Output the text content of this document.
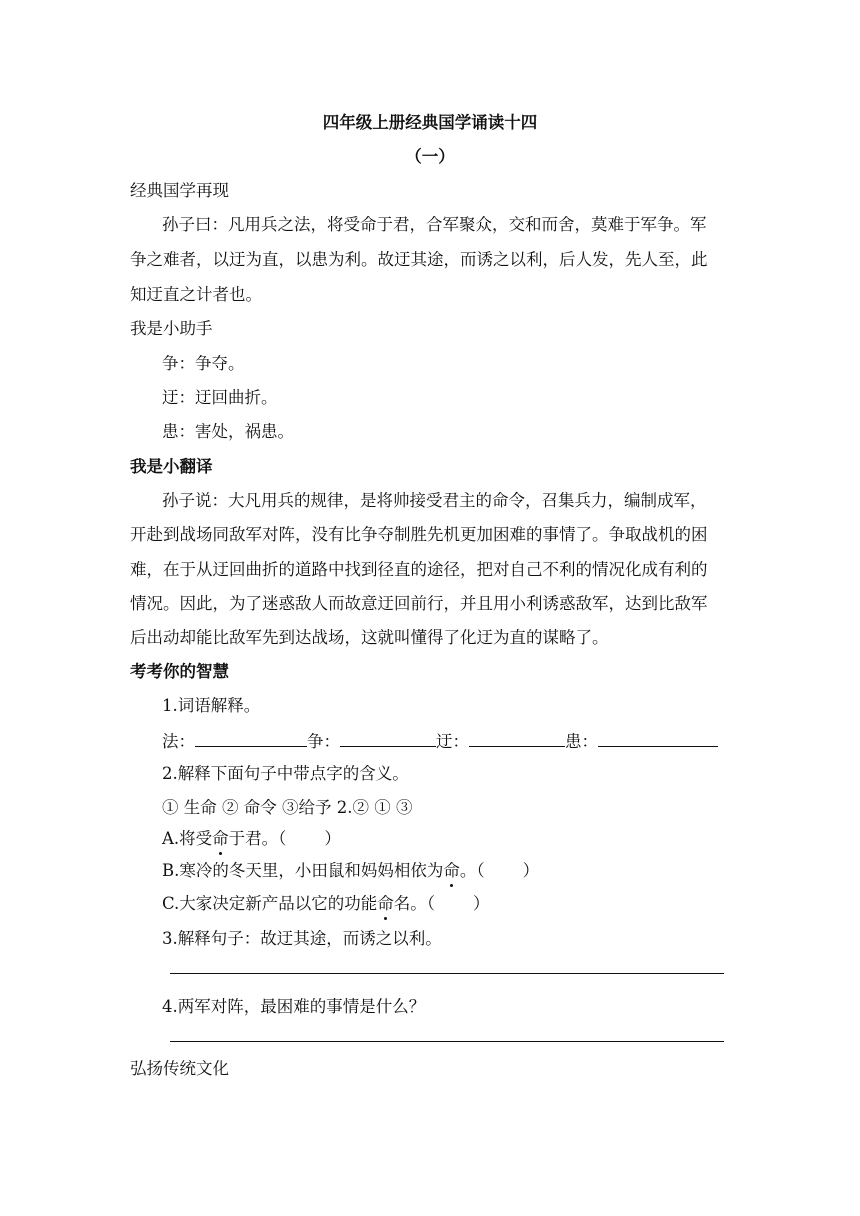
四年级上册经典国学诵读十四
（一）
经典国学再现
孙子曰：凡用兵之法，将受命于君，合军聚众，交和而舍，莫难于军争。军
争之难者，以迂为直，以患为利。故迂其途，而诱之以利，后人发，先人至，此
知迂直之计者也。
我是小助手
争：争夺。
迂：迂回曲折。
患：害处，祸患。
我是小翻译
孙子说：大凡用兵的规律，是将帅接受君主的命令，召集兵力，编制成军，
开赴到战场同敌军对阵，没有比争夺制胜先机更加困难的事情了。争取战机的困
难，在于从迂回曲折的道路中找到径直的途径，把对自己不利的情况化成有利的
情况。因此，为了迷惑敌人而故意迂回前行，并且用小利诱惑敌军，达到比敌军
后出动却能比敌军先到达战场，这就叫懂得了化迂为直的谋略了。
考考你的智慧
1.词语解释。
法：	争：	迂：	患：
2.解释下面句子中带点字的含义。
① 生命 ② 命令 ③给予 2.② ① ③
A.将受命于君。（ ）
B.寒冷的冬天里，小田鼠和妈妈相依为命。（ ）
C.大家决定新产品以它的功能命名。（ ）
3.解释句子：故迂其途，而诱之以利。
4.两军对阵，最困难的事情是什么？
弘扬传统文化
